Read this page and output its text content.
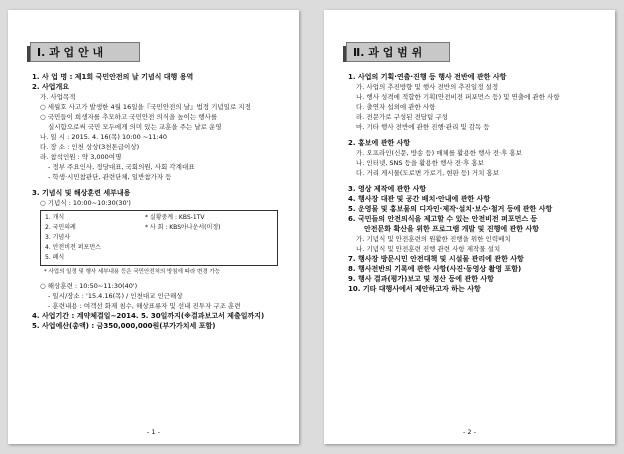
Ⅰ. 과 업 안 내
1. 사 업 명 : 제1회 국민안전의 날 기념식 대행 용역
2. 사업개요
가. 사업목적
○ 세월호 사고가 발생한 4월 16일을『국민안전의 날』법정 기념일로 지정
○ 국민들이 희생자를 추모하고 국민안전 의식을 높이는 행사를
실시함으로써 국민 모두에게 의미 있는 교훈을 주는 날로 운영
나. 일 시 : 2015. 4. 16(목) 10:00 ~11:40
다. 장 소 : 인천 상상(3천톤급이상)
라. 참석인원 : 약 3,000여명
- 정부 주요인사, 정당대표, 국회의원, 사회 각계대표
- 학생·시민참관단, 관련단체, 일반참가자 등
3. 기념식 및 해상훈련 세부내용
○ 기념식 : 10:00~10:30(30')
1. 개식	* 실황중계 : KBS-1TV
2. 국민의례	* 사 회 : KBS아나운서(미정)
3. 기념사
4. 안전비전 퍼포먼스
5. 폐식
* 사업의 일정 및 행사 세부내용 등은 국민안전처의 방침에 따라 변경 가능
○ 해상훈련 : 10:50~11:30(40')
- 일시/장소 : '15.4.16(목) / 인천대교 인근해상
- 훈련내용 : 여객선 화재 침수, 해상표류자 및 선내 진투자 구조 훈련
4. 사업기간 : 계약체결일~2014. 5. 30일까지(※결과보고서 제출일까지)
5. 사업예산(총액) : 금350,000,000원(부가가치세 포함)
- 1 -
Ⅱ. 과 업 범 위
1. 사업의 기획·연출·진행 등 행사 전반에 관한 사항
가. 사업의 추진방향 및 행사 전반의 추진일정 설정
나. 행사 성격에 적합한 기획(안전비전 퍼포먼스 등) 및 연출에 관한 사항
다. 출연자 섭외에 관한 사항
라. 전문가로 구성된 전담팀 구성
마. 기타 행사 전반에 관한 진행·관리 및 감독 등
2. 홍보에 관한 사항
가. 오프라인(신문, 방송 등) 매체를 활용한 행사 전·후 홍보
나. 인터넷, SNS 등을 활용한 행사 전·후 홍보
다. 거리 게시물(도로변 가로기, 현판 등) 거치 홍보
3. 영상 제작에 관한 사항
4. 행사장 대관 및 공간 배치·안내에 관한 사항
5. 운영물 및 홍보물의 디자인·제작·설치·보수·철거 등에 관한 사항
6. 국민들의 안전의식을 제고할 수 있는 안전비전 퍼포먼스 등
안전문화 확산을 위한 프로그램 개발 및 진행에 관한 사항
가. 기념식 및 안전훈련의 원활한 진행을 위한 인력배치
나. 기념식 및 안전훈련 진행 관련 사항 제작물 설치
7. 행사장 방문시민 안전대책 및 시설물 관리에 관한 사항
8. 행사전반의 기록에 관한 사항(사진·동영상 촬영 포함)
9. 행사 결과(평가)보고 및 정산 등에 관한 사항
10. 기타 대행사에서 제안하고자 하는 사항
- 2 -
